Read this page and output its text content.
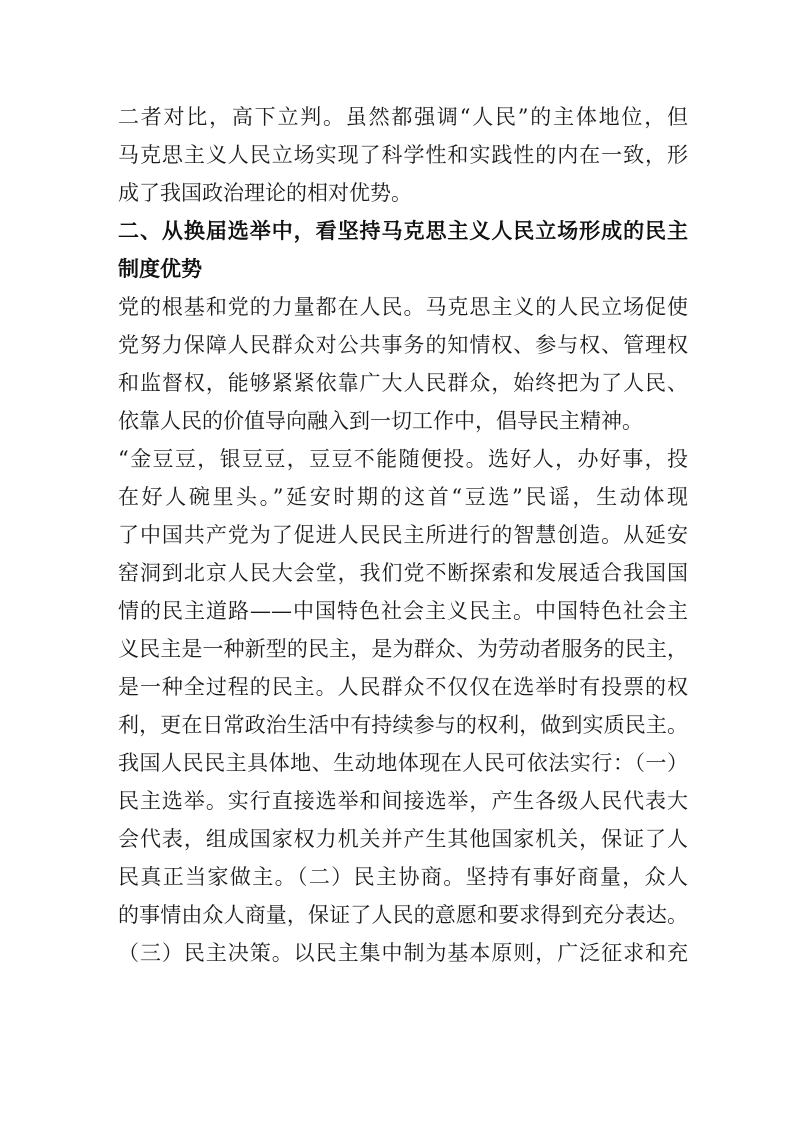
二者对比，高下立判。虽然都强调“人民”的主体地位，但
马克思主义人民立场实现了科学性和实践性的内在一致，形
成了我国政治理论的相对优势。
二、从换届选举中，看坚持马克思主义人民立场形成的民主
制度优势
党的根基和党的力量都在人民。马克思主义的人民立场促使
党努力保障人民群众对公共事务的知情权、参与权、管理权
和监督权，能够紧紧依靠广大人民群众，始终把为了人民、
依靠人民的价值导向融入到一切工作中，倡导民主精神。
“金豆豆，银豆豆，豆豆不能随便投。选好人，办好事，投
在好人碗里头。”延安时期的这首“豆选”民谣，生动体现
了中国共产党为了促进人民民主所进行的智慧创造。从延安
窑洞到北京人民大会堂，我们党不断探索和发展适合我国国
情的民主道路——中国特色社会主义民主。中国特色社会主
义民主是一种新型的民主，是为群众、为劳动者服务的民主，
是一种全过程的民主。人民群众不仅仅在选举时有投票的权
利，更在日常政治生活中有持续参与的权利，做到实质民主。
我国人民民主具体地、生动地体现在人民可依法实行：（一）
民主选举。实行直接选举和间接选举，产生各级人民代表大
会代表，组成国家权力机关并产生其他国家机关，保证了人
民真正当家做主。（二）民主协商。坚持有事好商量，众人
的事情由众人商量，保证了人民的意愿和要求得到充分表达。
（三）民主决策。以民主集中制为基本原则，广泛征求和充
